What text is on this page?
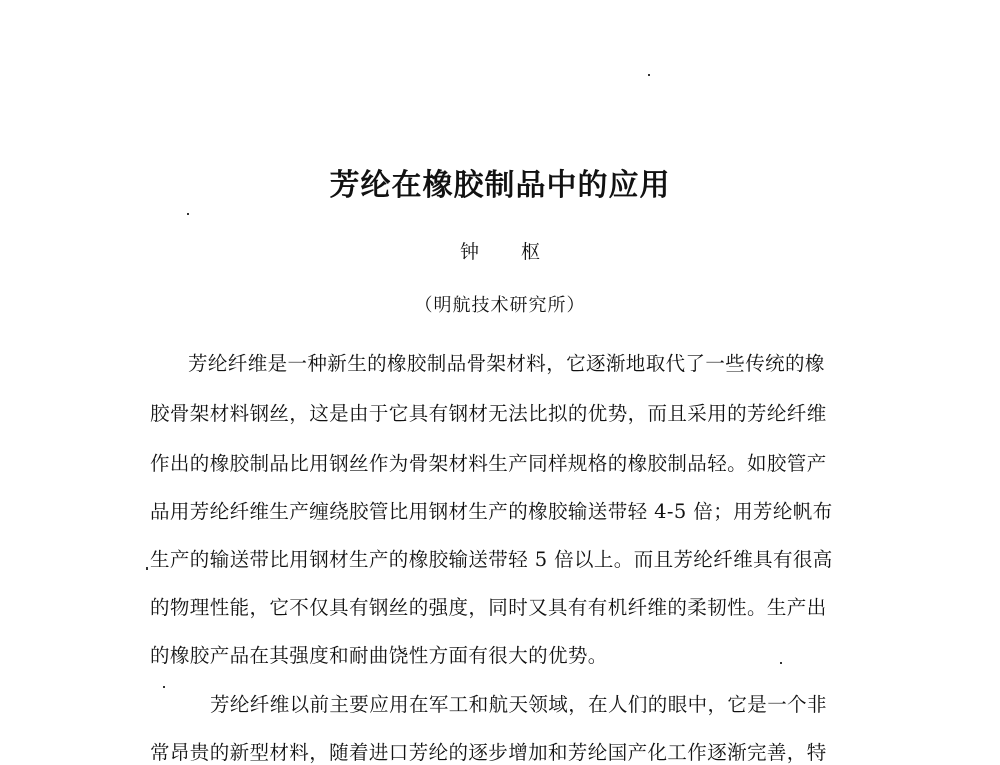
芳纶在橡胶制品中的应用
钟 枢
（明航技术研究所）
芳纶纤维是一种新生的橡胶制品骨架材料，它逐渐地取代了一些传统的橡
胶骨架材料钢丝，这是由于它具有钢材无法比拟的优势，而且采用的芳纶纤维
作出的橡胶制品比用钢丝作为骨架材料生产同样规格的橡胶制品轻。如胶管产
品用芳纶纤维生产缠绕胶管比用钢材生产的橡胶输送带轻 4-5 倍；用芳纶帆布
生产的输送带比用钢材生产的橡胶输送带轻 5 倍以上。而且芳纶纤维具有很高
的物理性能，它不仅具有钢丝的强度，同时又具有有机纤维的柔韧性。生产出
的橡胶产品在其强度和耐曲饶性方面有很大的优势。
芳纶纤维以前主要应用在军工和航天领域，在人们的眼中，它是一个非
常昂贵的新型材料，随着进口芳纶的逐步增加和芳纶国产化工作逐渐完善，特
